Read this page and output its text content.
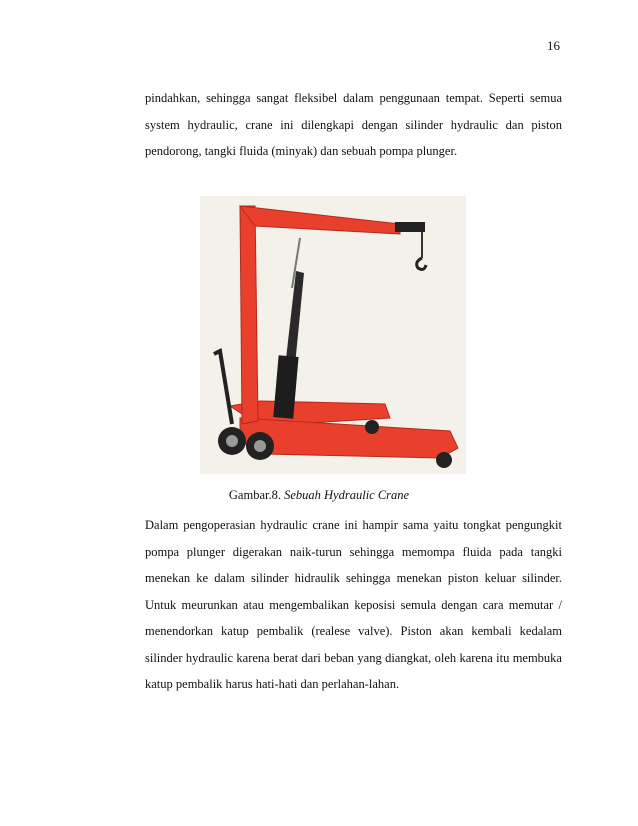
16

pindahkan, sehingga sangat fleksibel dalam penggunaan tempat. Seperti semua system hydraulic, crane ini dilengkapi dengan silinder hydraulic dan piston pendorong, tangki fluida (minyak) dan sebuah pompa plunger.

Gambar.8. Sebuah Hydraulic Crane

Dalam pengoperasian hydraulic crane ini hampir sama yaitu tongkat pengungkit pompa plunger digerakan naik-turun sehingga memompa fluida pada tangki menekan ke dalam silinder hidraulik sehingga menekan piston keluar silinder. Untuk meurunkan atau mengembalikan keposisi semula dengan cara memutar / menendorkan katup pembalik (realese valve). Piston akan kembali kedalam silinder hydraulic karena berat dari beban yang diangkat, oleh karena itu membuka katup pembalik harus hati-hati dan perlahan-lahan.
